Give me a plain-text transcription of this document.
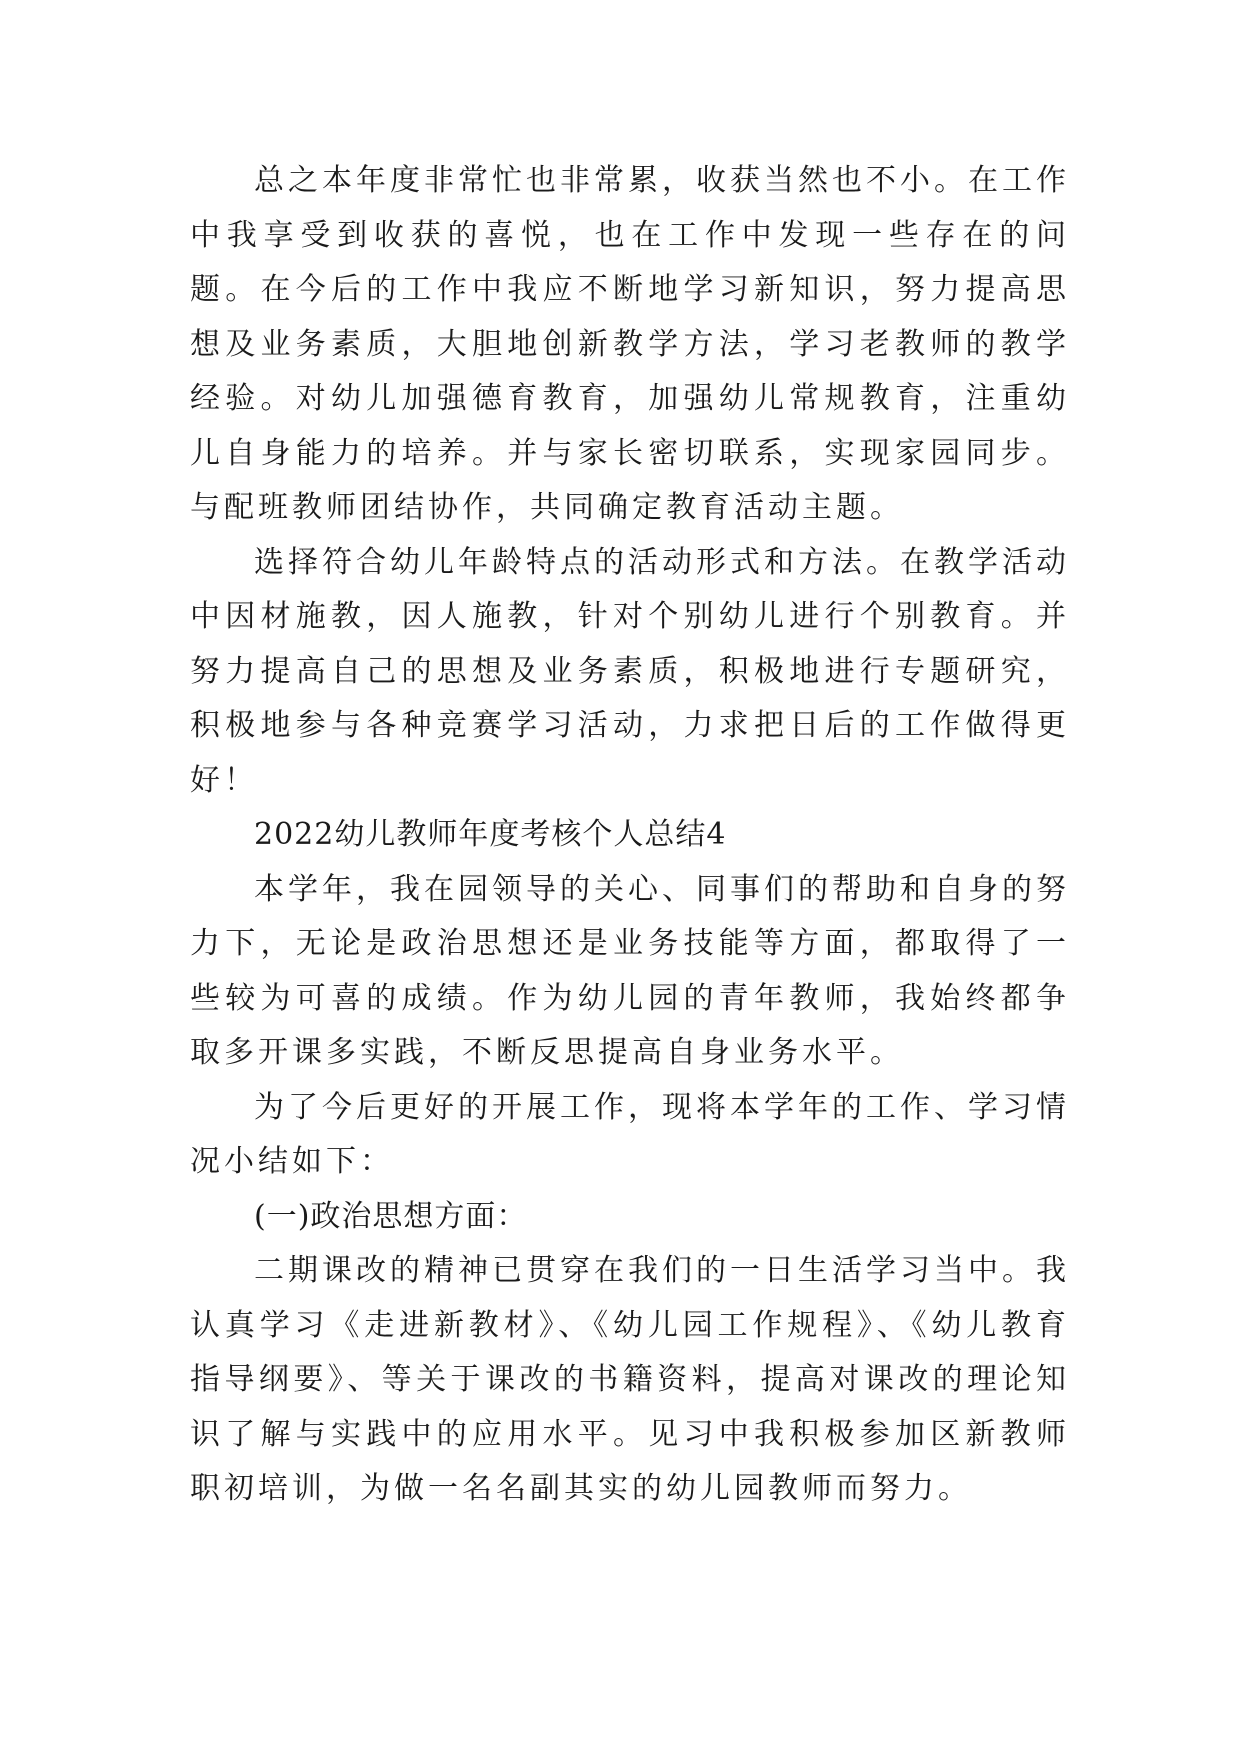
总之本年度非常忙也非常累，收获当然也不小。在工作中我享受到收获的喜悦，也在工作中发现一些存在的问题。在今后的工作中我应不断地学习新知识，努力提高思想及业务素质，大胆地创新教学方法，学习老教师的教学经验。对幼儿加强德育教育，加强幼儿常规教育，注重幼儿自身能力的培养。并与家长密切联系，实现家园同步。与配班教师团结协作，共同确定教育活动主题。

选择符合幼儿年龄特点的活动形式和方法。在教学活动中因材施教，因人施教，针对个别幼儿进行个别教育。并努力提高自己的思想及业务素质，积极地进行专题研究，积极地参与各种竞赛学习活动，力求把日后的工作做得更好！

2022幼儿教师年度考核个人总结4

本学年，我在园领导的关心、同事们的帮助和自身的努力下，无论是政治思想还是业务技能等方面，都取得了一些较为可喜的成绩。作为幼儿园的青年教师，我始终都争取多开课多实践，不断反思提高自身业务水平。

为了今后更好的开展工作，现将本学年的工作、学习情况小结如下：

(一)政治思想方面：

二期课改的精神已贯穿在我们的一日生活学习当中。我认真学习《走进新教材》、《幼儿园工作规程》、《幼儿教育指导纲要》、等关于课改的书籍资料，提高对课改的理论知识了解与实践中的应用水平。见习中我积极参加区新教师职初培训，为做一名名副其实的幼儿园教师而努力。
